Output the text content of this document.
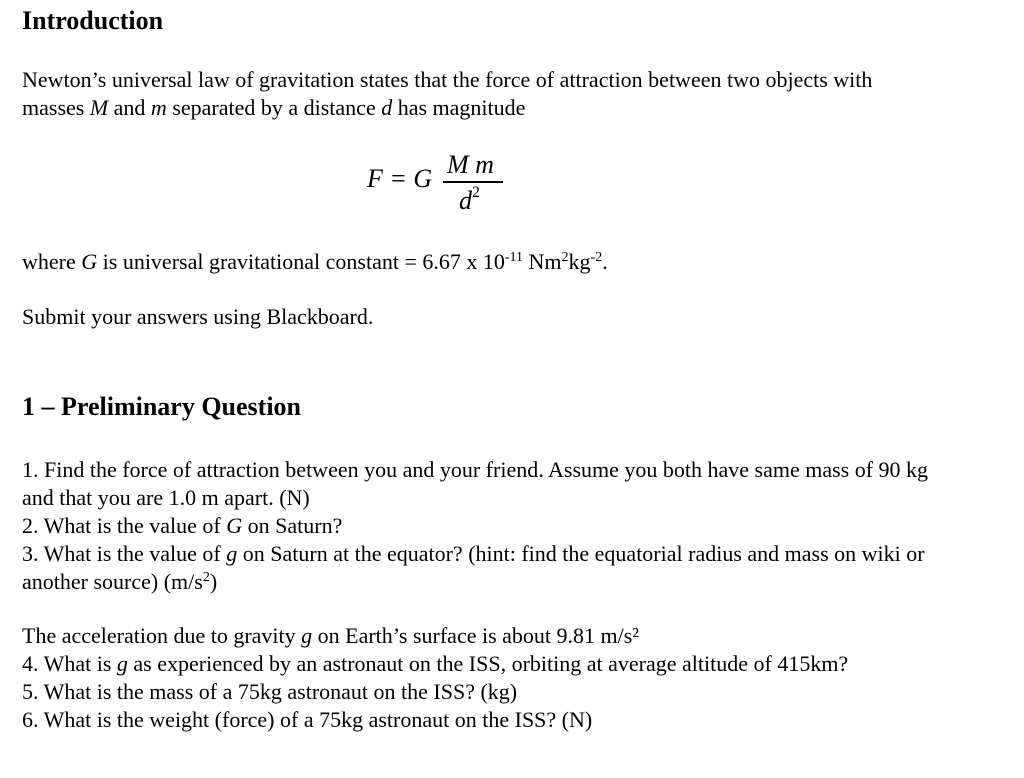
Introduction
Newton’s universal law of gravitation states that the force of attraction between two objects with
masses M and m separated by a distance d has magnitude
F = G M m
$d^2$
where G is universal gravitational constant = 6.67 x $10^{-11}$ $Nm^2kg^{-2}$.
Submit your answers using Blackboard.
1 – Preliminary Question
1. Find the force of attraction between you and your friend. Assume you both have same mass of 90 kg
and that you are 1.0 m apart. (N)
2. What is the value of G on Saturn?
3. What is the value of g on Saturn at the equator? (hint: find the equatorial radius and mass on wiki or
another source) $(m/s^2)$
The acceleration due to gravity g on Earth’s surface is about 9.81 m/s²
4. What is g as experienced by an astronaut on the ISS, orbiting at average altitude of 415km?
5. What is the mass of a 75kg astronaut on the ISS? (kg)
6. What is the weight (force) of a 75kg astronaut on the ISS? (N)
